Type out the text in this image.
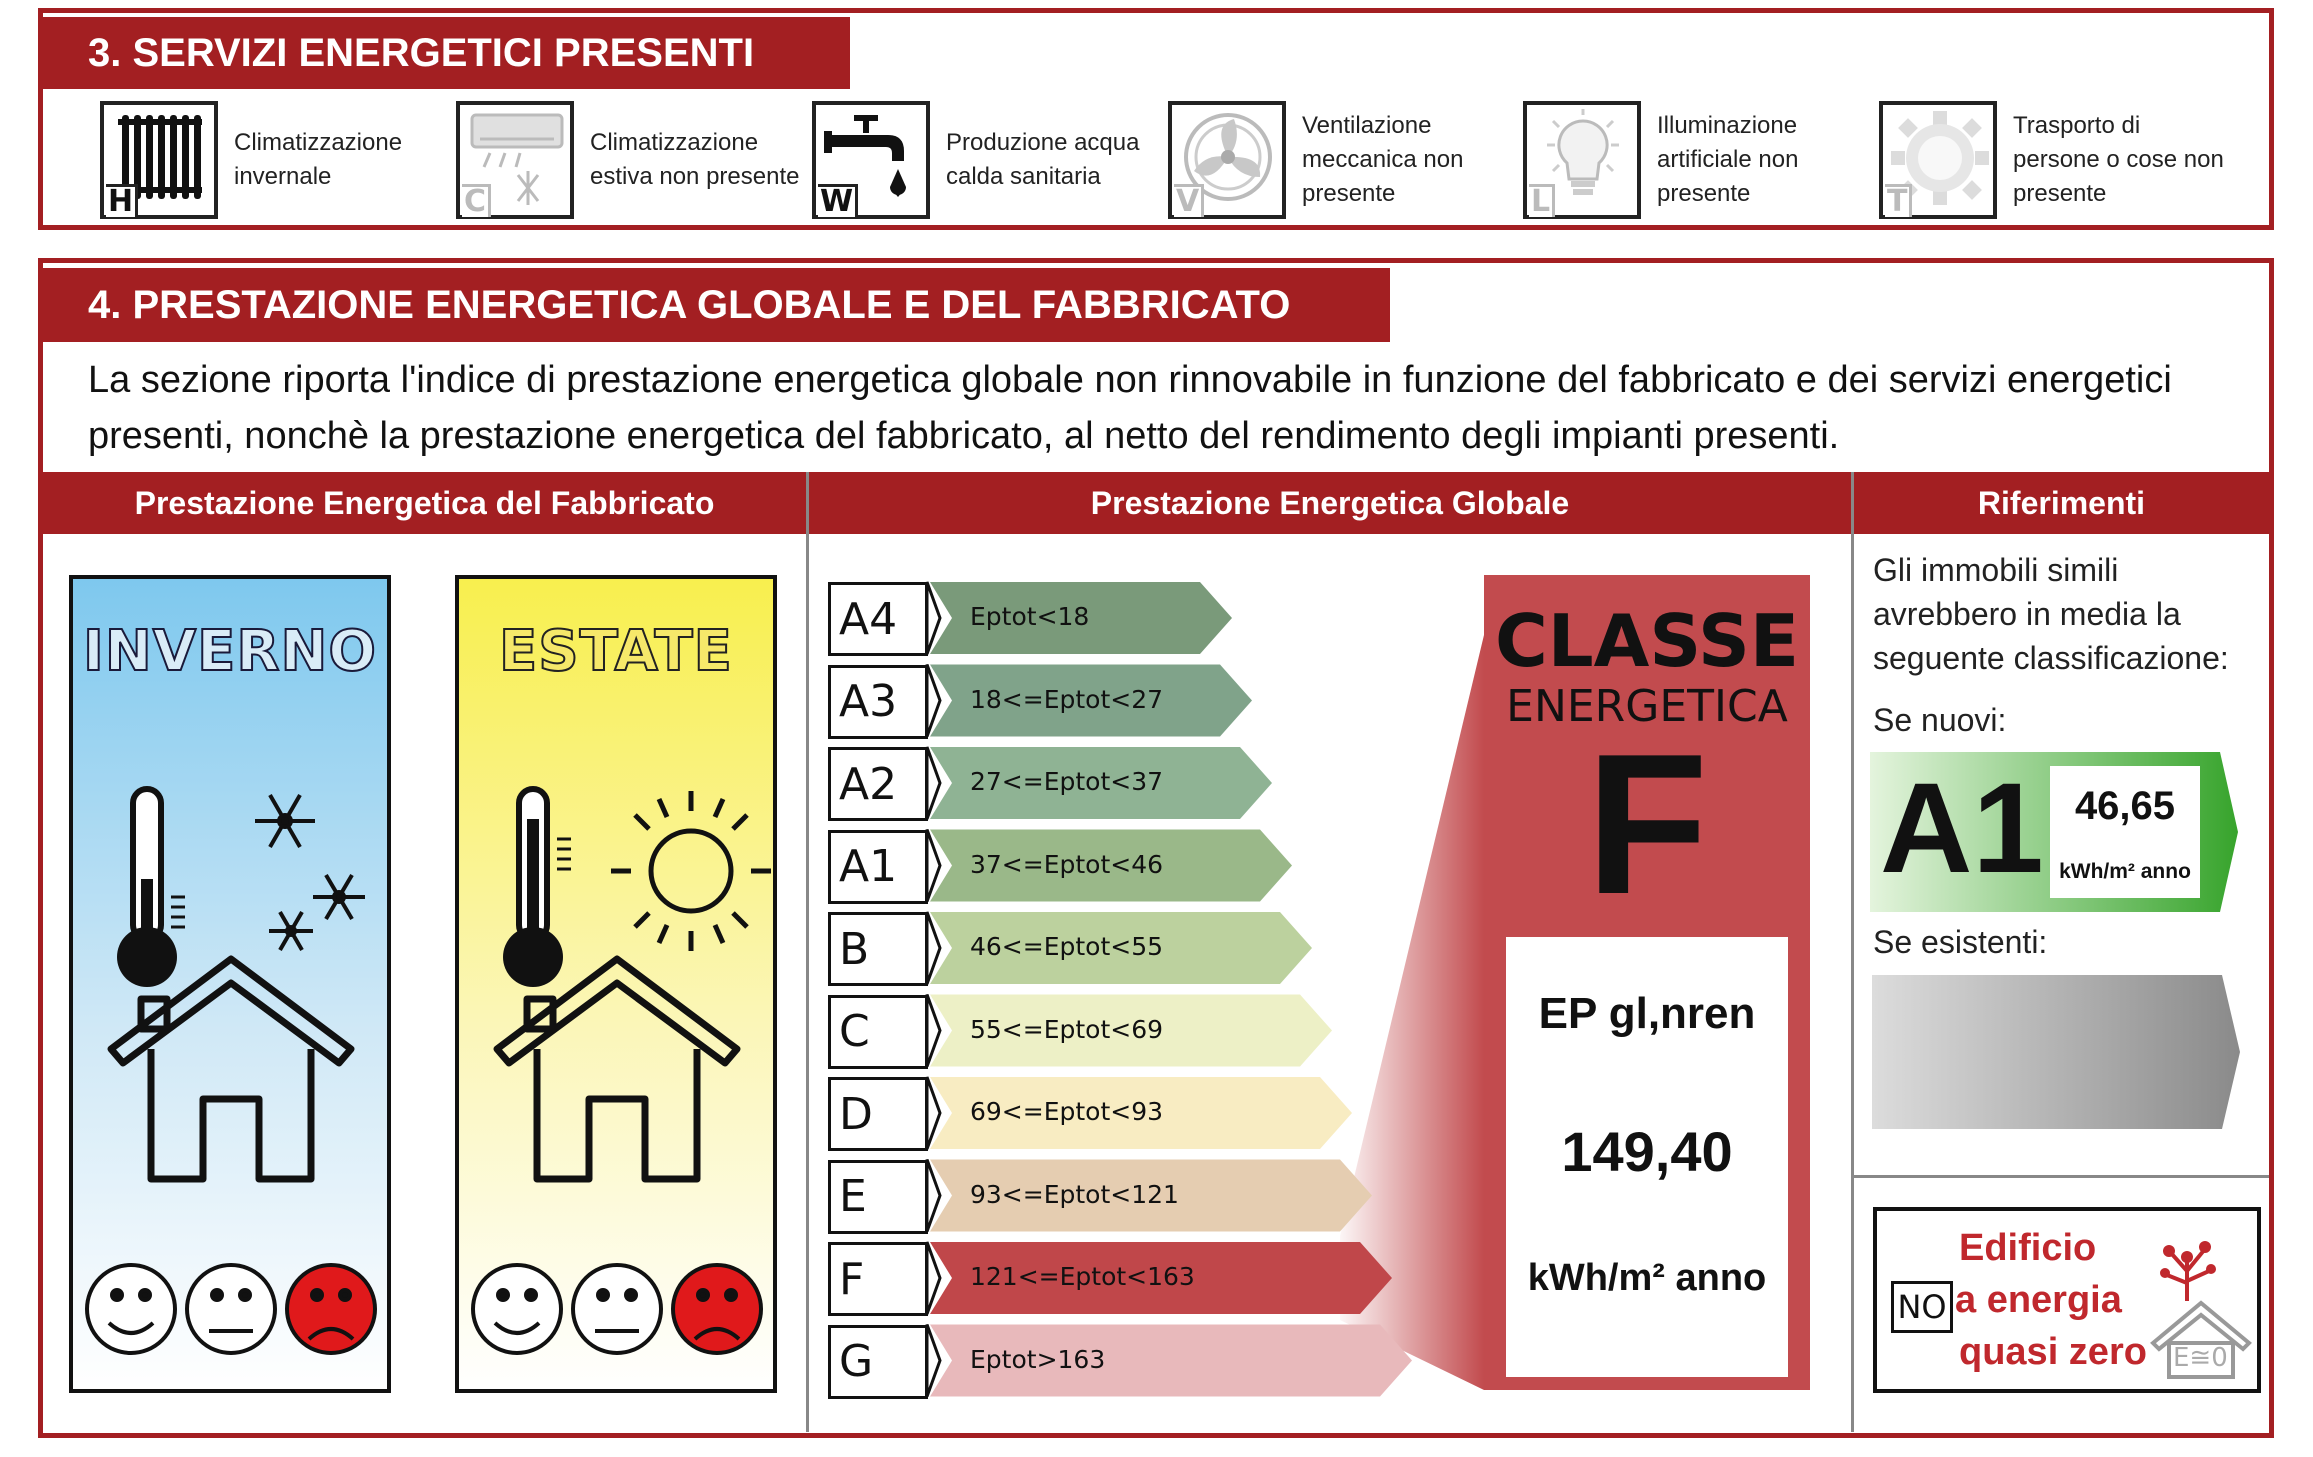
3. SERVIZI ENERGETICI PRESENTI
H
Climatizzazione invernale
C
Climatizzazione estiva non presente
W
Produzione acqua calda sanitaria
V
Ventilazione meccanica non presente	L
Illuminazione artificiale non presente	T
Trasporto di persone o cose non presente
4. PRESTAZIONE ENERGETICA GLOBALE E DEL FABBRICATO
La sezione riporta l'indice di prestazione energetica globale non rinnovabile in funzione del fabbricato e dei servizi energetici presenti, nonchè la prestazione energetica del fabbricato, al netto del rendimento degli impianti presenti.
Prestazione Energetica del Fabbricato	Prestazione Energetica Globale	Riferimenti
INVERNO	ESTATE	A4	Eptot<18
A3	18<=Eptot<27
A2	27<=Eptot<37
A1	37<=Eptot<46
B	46<=Eptot<55
C	55<=Eptot<69
D	69<=Eptot<93
E	93<=Eptot<121
F	121<=Eptot<163
G	Eptot>163
CLASSE
ENERGETICA
F
EP gl,nren
149,40
kWh/m² anno
Gli immobili simili
avrebbero in media la
seguente classificazione:
Se nuovi:
A1 46,65
kWh/m² anno
Se esistenti:
NO
Edificio
a energia
quasi zero E≅0
